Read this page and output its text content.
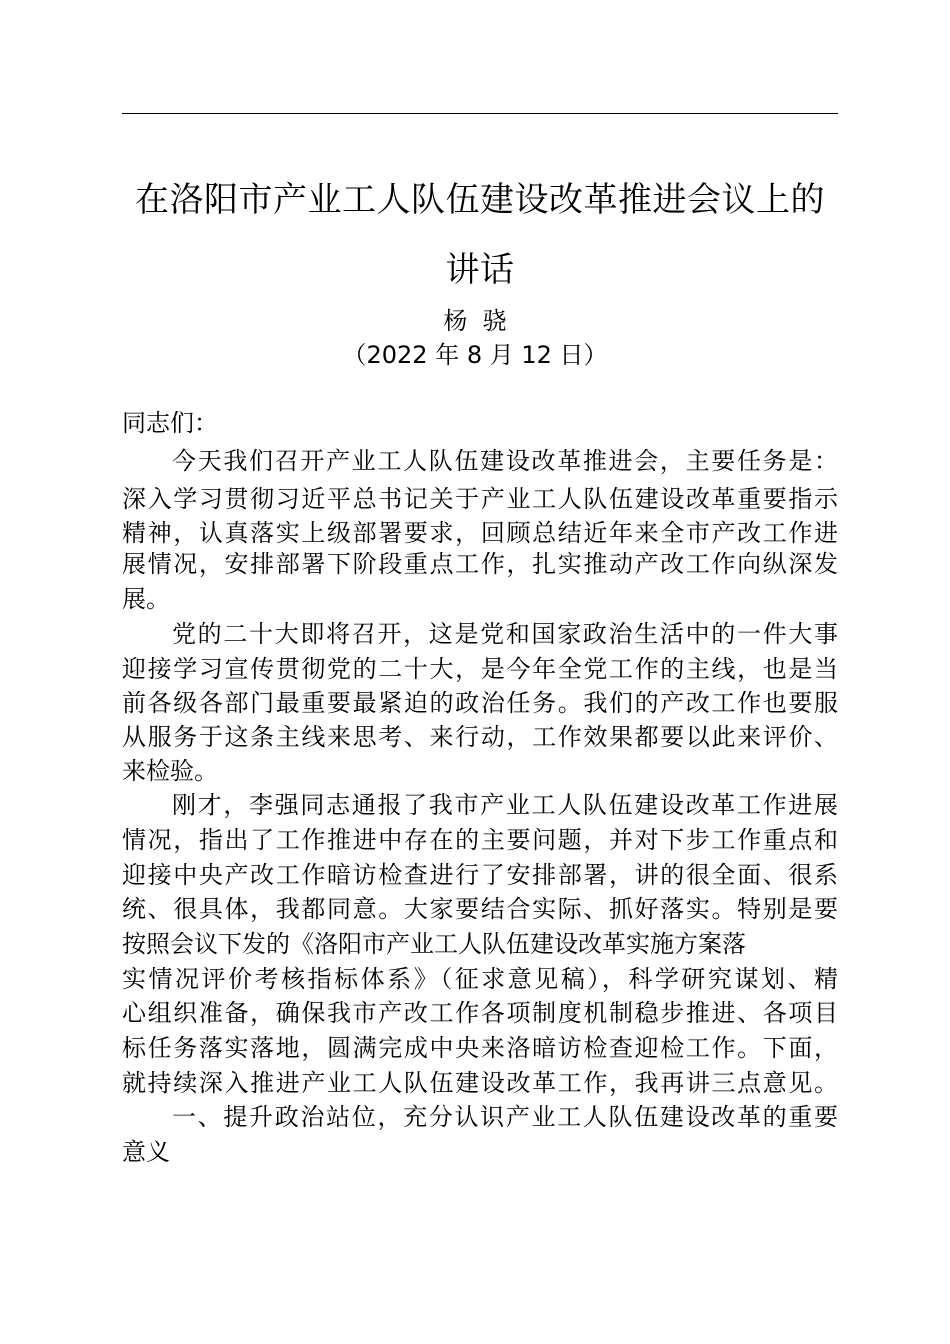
在洛阳市产业工人队伍建设改革推进会议上的
讲话
杨  骁
（2022 年 8 月 12 日）
同志们：
今天我们召开产业工人队伍建设改革推进会，主要任务是：
深入学习贯彻习近平总书记关于产业工人队伍建设改革重要指示
精神，认真落实上级部署要求，回顾总结近年来全市产改工作进
展情况，安排部署下阶段重点工作，扎实推动产改工作向纵深发
展。
党的二十大即将召开，这是党和国家政治生活中的一件大事
迎接学习宣传贯彻党的二十大，是今年全党工作的主线，也是当
前各级各部门最重要最紧迫的政治任务。我们的产改工作也要服
从服务于这条主线来思考、来行动，工作效果都要以此来评价、
来检验。
刚才，李强同志通报了我市产业工人队伍建设改革工作进展
情况，指出了工作推进中存在的主要问题，并对下步工作重点和
迎接中央产改工作暗访检查进行了安排部署，讲的很全面、很系
统、很具体，我都同意。大家要结合实际、抓好落实。特别是要
按照会议下发的《洛阳市产业工人队伍建设改革实施方案落
实情况评价考核指标体系》（征求意见稿），科学研究谋划、精
心组织准备，确保我市产改工作各项制度机制稳步推进、各项目
标任务落实落地，圆满完成中央来洛暗访检查迎检工作。下面，
就持续深入推进产业工人队伍建设改革工作，我再讲三点意见。
一、提升政治站位，充分认识产业工人队伍建设改革的重要
意义
